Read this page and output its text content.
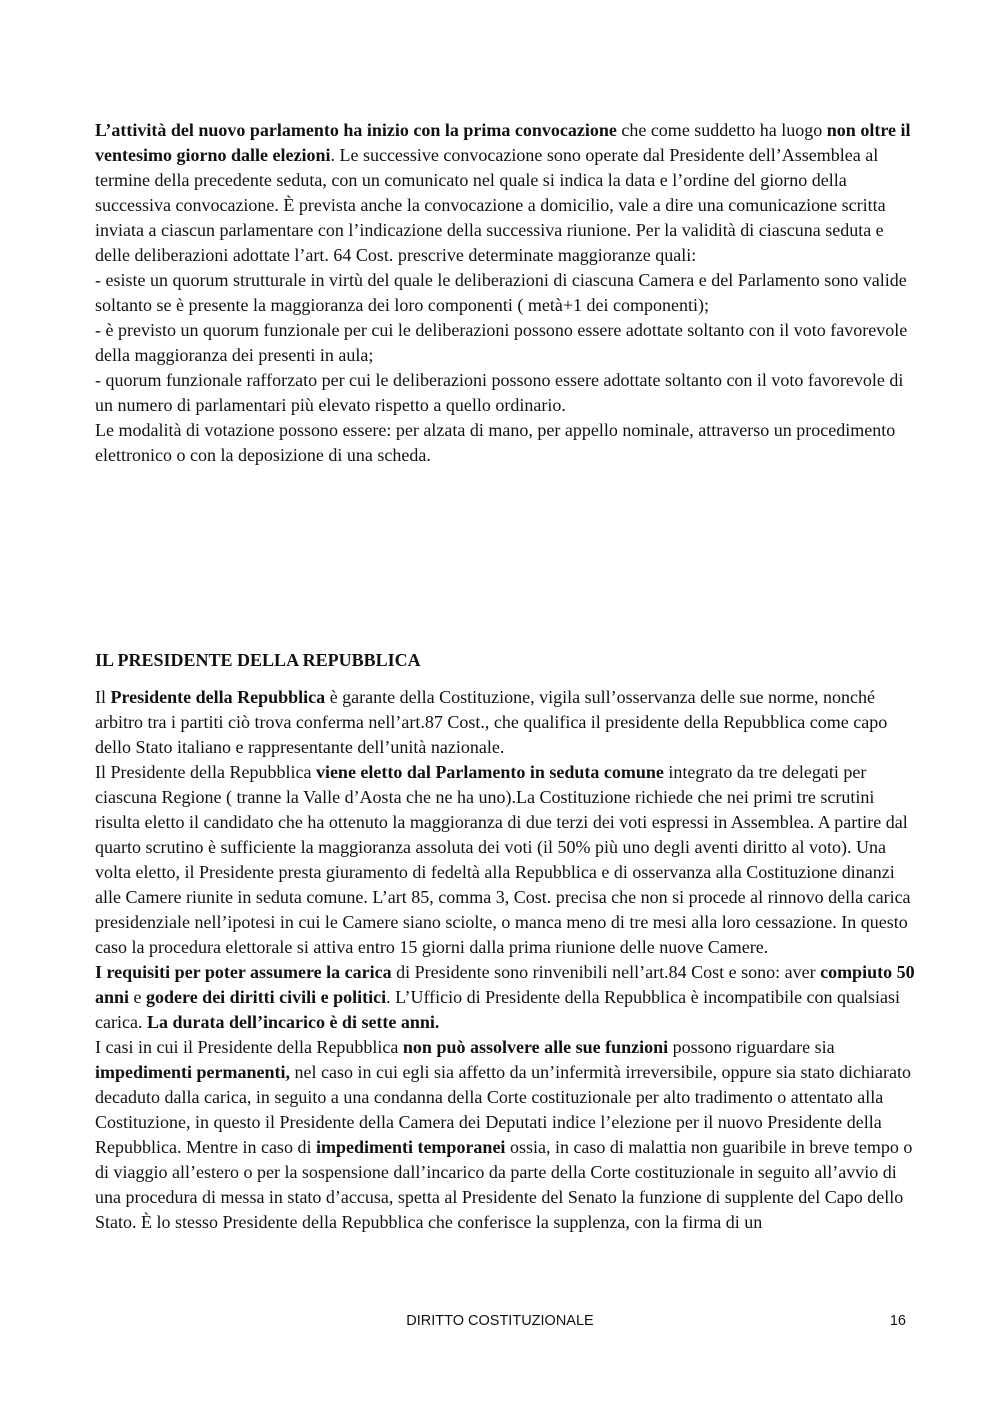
L’attività del nuovo parlamento ha inizio con la prima convocazione che come suddetto ha luogo non oltre il ventesimo giorno dalle elezioni. Le successive convocazione sono operate dal Presidente dell’Assemblea al termine della precedente seduta, con un comunicato nel quale si indica la data e l’ordine del giorno della successiva convocazione. È prevista anche la convocazione a domicilio, vale a dire una comunicazione scritta inviata a ciascun parlamentare con l’indicazione della successiva riunione. Per la validità di ciascuna seduta e delle deliberazioni adottate l’art. 64 Cost. prescrive determinate maggioranze quali:

- esiste un quorum strutturale in virtù del quale le deliberazioni di ciascuna Camera e del Parlamento sono valide soltanto se è presente la maggioranza dei loro componenti ( metà+1 dei componenti);

- è previsto un quorum funzionale per cui le deliberazioni possono essere adottate soltanto con il voto favorevole della maggioranza dei presenti in aula;

- quorum funzionale rafforzato per cui le deliberazioni possono essere adottate soltanto con il voto favorevole di un numero di parlamentari più elevato rispetto a quello ordinario.

Le modalità di votazione possono essere: per alzata di mano, per appello nominale, attraverso un procedimento elettronico o con la deposizione di una scheda.

IL PRESIDENTE DELLA REPUBBLICA

Il Presidente della Repubblica è garante della Costituzione, vigila sull’osservanza delle sue norme, nonché arbitro tra i partiti ciò trova conferma nell’art.87 Cost., che qualifica il presidente della Repubblica come capo dello Stato italiano e rappresentante dell’unità nazionale.

Il Presidente della Repubblica viene eletto dal Parlamento in seduta comune integrato da tre delegati per ciascuna Regione ( tranne la Valle d’Aosta che ne ha uno).La Costituzione richiede che nei primi tre scrutini risulta eletto il candidato che ha ottenuto la maggioranza di due terzi dei voti espressi in Assemblea. A partire dal quarto scrutino è sufficiente la maggioranza assoluta dei voti (il 50% più uno degli aventi diritto al voto). Una volta eletto, il Presidente presta giuramento di fedeltà alla Repubblica e di osservanza alla Costituzione dinanzi alle Camere riunite in seduta comune. L’art 85, comma 3, Cost. precisa che non si procede al rinnovo della carica presidenziale nell’ipotesi in cui le Camere siano sciolte, o manca meno di tre mesi alla loro cessazione. In questo caso la procedura elettorale si attiva entro 15 giorni dalla prima riunione delle nuove Camere.

I requisiti per poter assumere la carica di Presidente sono rinvenibili nell’art.84 Cost e sono: aver compiuto 50 anni e godere dei diritti civili e politici. L’Ufficio di Presidente della Repubblica è incompatibile con qualsiasi carica. La durata dell’incarico è di sette anni.

I casi in cui il Presidente della Repubblica non può assolvere alle sue funzioni possono riguardare sia impedimenti permanenti, nel caso in cui egli sia affetto da un’infermità irreversibile, oppure sia stato dichiarato decaduto dalla carica, in seguito a una condanna della Corte costituzionale per alto tradimento o attentato alla Costituzione, in questo il Presidente della Camera dei Deputati indice l’elezione per il nuovo Presidente della Repubblica. Mentre in caso di impedimenti temporanei ossia, in caso di malattia non guaribile in breve tempo o di viaggio all’estero o per la sospensione dall’incarico da parte della Corte costituzionale in seguito all’avvio di una procedura di messa in stato d’accusa, spetta al Presidente del Senato la funzione di supplente del Capo dello Stato. È lo stesso Presidente della Repubblica che conferisce la supplenza, con la firma di un

DIRITTO COSTITUZIONALE	16
